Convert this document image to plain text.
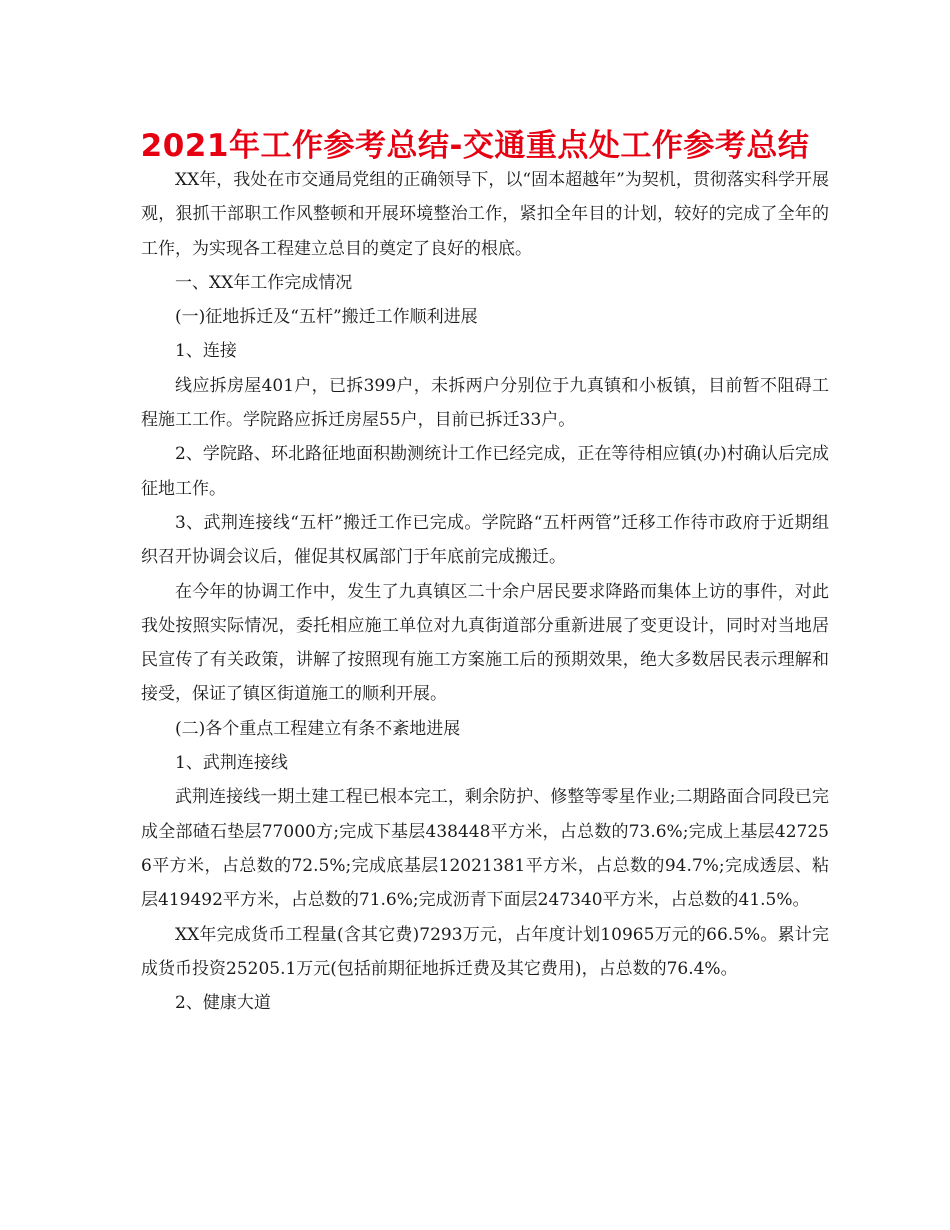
2021年工作参考总结-交通重点处工作参考总结

XX年，我处在市交通局党组的正确领导下，以“固本超越年”为契机，贯彻落实科学开展观，狠抓干部职工作风整顿和开展环境整治工作，紧扣全年目的计划，较好的完成了全年的工作，为实现各工程建立总目的奠定了良好的根底。

一、XX年工作完成情况

(一)征地拆迁及“五杆”搬迁工作顺利进展

1、连接

线应拆房屋401户，已拆399户，未拆两户分别位于九真镇和小板镇，目前暂不阻碍工程施工工作。学院路应拆迁房屋55户，目前已拆迁33户。

2、学院路、环北路征地面积勘测统计工作已经完成，正在等待相应镇(办)村确认后完成征地工作。

3、武荆连接线“五杆”搬迁工作已完成。学院路“五杆两管”迁移工作待市政府于近期组织召开协调会议后，催促其权属部门于年底前完成搬迁。

在今年的协调工作中，发生了九真镇区二十余户居民要求降路而集体上访的事件，对此我处按照实际情况，委托相应施工单位对九真街道部分重新进展了变更设计，同时对当地居民宣传了有关政策，讲解了按照现有施工方案施工后的预期效果，绝大多数居民表示理解和接受，保证了镇区街道施工的顺利开展。

(二)各个重点工程建立有条不紊地进展

1、武荆连接线

武荆连接线一期土建工程已根本完工，剩余防护、修整等零星作业;二期路面合同段已完成全部碴石垫层77000方;完成下基层438448平方米，占总数的73.6%;完成上基层427256平方米，占总数的72.5%;完成底基层12021381平方米，占总数的94.7%;完成透层、粘层419492平方米，占总数的71.6%;完成沥青下面层247340平方米，占总数的41.5%。

XX年完成货币工程量(含其它费)7293万元，占年度计划10965万元的66.5%。累计完成货币投资25205.1万元(包括前期征地拆迁费及其它费用)，占总数的76.4%。

2、健康大道
